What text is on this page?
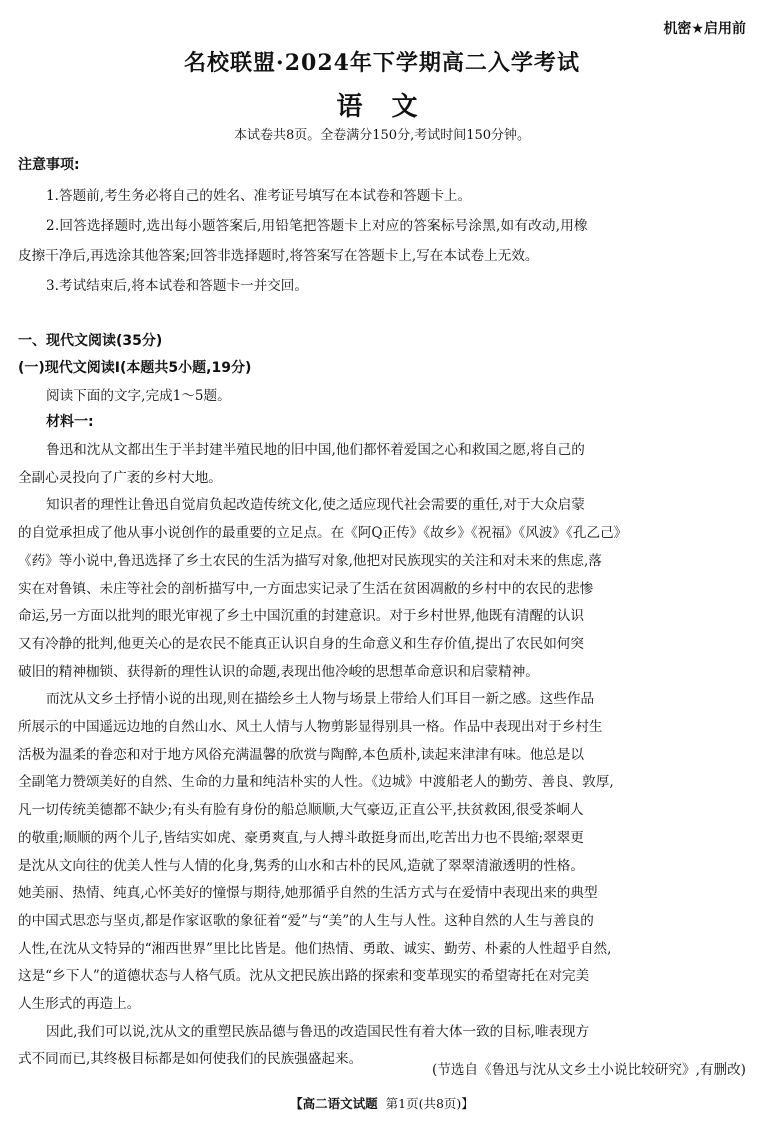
机密★启用前
名校联盟·2024年下学期高二入学考试
语 文
本试卷共8页。全卷满分150分,考试时间150分钟。
注意事项:
1.答题前,考生务必将自己的姓名、准考证号填写在本试卷和答题卡上。
2.回答选择题时,选出每小题答案后,用铅笔把答题卡上对应的答案标号涂黑,如有改动,用橡
皮擦干净后,再选涂其他答案;回答非选择题时,将答案写在答题卡上,写在本试卷上无效。
3.考试结束后,将本试卷和答题卡一并交回。
一、现代文阅读(35分)
(一)现代文阅读Ⅰ(本题共5小题,19分)
阅读下面的文字,完成1～5题。
材料一:
鲁迅和沈从文都出生于半封建半殖民地的旧中国,他们都怀着爱国之心和救国之愿,将自己的
全副心灵投向了广袤的乡村大地。
知识者的理性让鲁迅自觉肩负起改造传统文化,使之适应现代社会需要的重任,对于大众启蒙
的自觉承担成了他从事小说创作的最重要的立足点。在《阿Q正传》《故乡》《祝福》《风波》《孔乙己》
《药》等小说中,鲁迅选择了乡土农民的生活为描写对象,他把对民族现实的关注和对未来的焦虑,落
实在对鲁镇、未庄等社会的剖析描写中,一方面忠实记录了生活在贫困凋敝的乡村中的农民的悲惨
命运,另一方面以批判的眼光审视了乡土中国沉重的封建意识。对于乡村世界,他既有清醒的认识
又有冷静的批判,他更关心的是农民不能真正认识自身的生命意义和生存价值,提出了农民如何突
破旧的精神枷锁、获得新的理性认识的命题,表现出他冷峻的思想革命意识和启蒙精神。
而沈从文乡土抒情小说的出现,则在描绘乡土人物与场景上带给人们耳目一新之感。这些作品
所展示的中国遥远边地的自然山水、风土人情与人物剪影显得别具一格。作品中表现出对于乡村生
活极为温柔的眷恋和对于地方风俗充满温馨的欣赏与陶醉,本色质朴,读起来津津有味。他总是以
全副笔力赞颂美好的自然、生命的力量和纯洁朴实的人性。《边城》中渡船老人的勤劳、善良、敦厚,
凡一切传统美德都不缺少;有头有脸有身份的船总顺顺,大气豪迈,正直公平,扶贫救困,很受茶峒人
的敬重;顺顺的两个儿子,皆结实如虎、豪勇爽直,与人搏斗敢挺身而出,吃苦出力也不畏缩;翠翠更
是沈从文向往的优美人性与人情的化身,隽秀的山水和古朴的民风,造就了翠翠清澈透明的性格。
她美丽、热情、纯真,心怀美好的憧憬与期待,她那循乎自然的生活方式与在爱情中表现出来的典型
的中国式思恋与坚贞,都是作家讴歌的象征着“爱”与“美”的人生与人性。这种自然的人生与善良的
人性,在沈从文特异的“湘西世界”里比比皆是。他们热情、勇敢、诚实、勤劳、朴素的人性超乎自然,
这是“乡下人”的道德状态与人格气质。沈从文把民族出路的探索和变革现实的希望寄托在对完美
人生形式的再造上。
因此,我们可以说,沈从文的重塑民族品德与鲁迅的改造国民性有着大体一致的目标,唯表现方
式不同而已,其终极目标都是如何使我们的民族强盛起来。
(节选自《鲁迅与沈从文乡土小说比较研究》,有删改)
【高二语文试题 第1页(共8页)】
